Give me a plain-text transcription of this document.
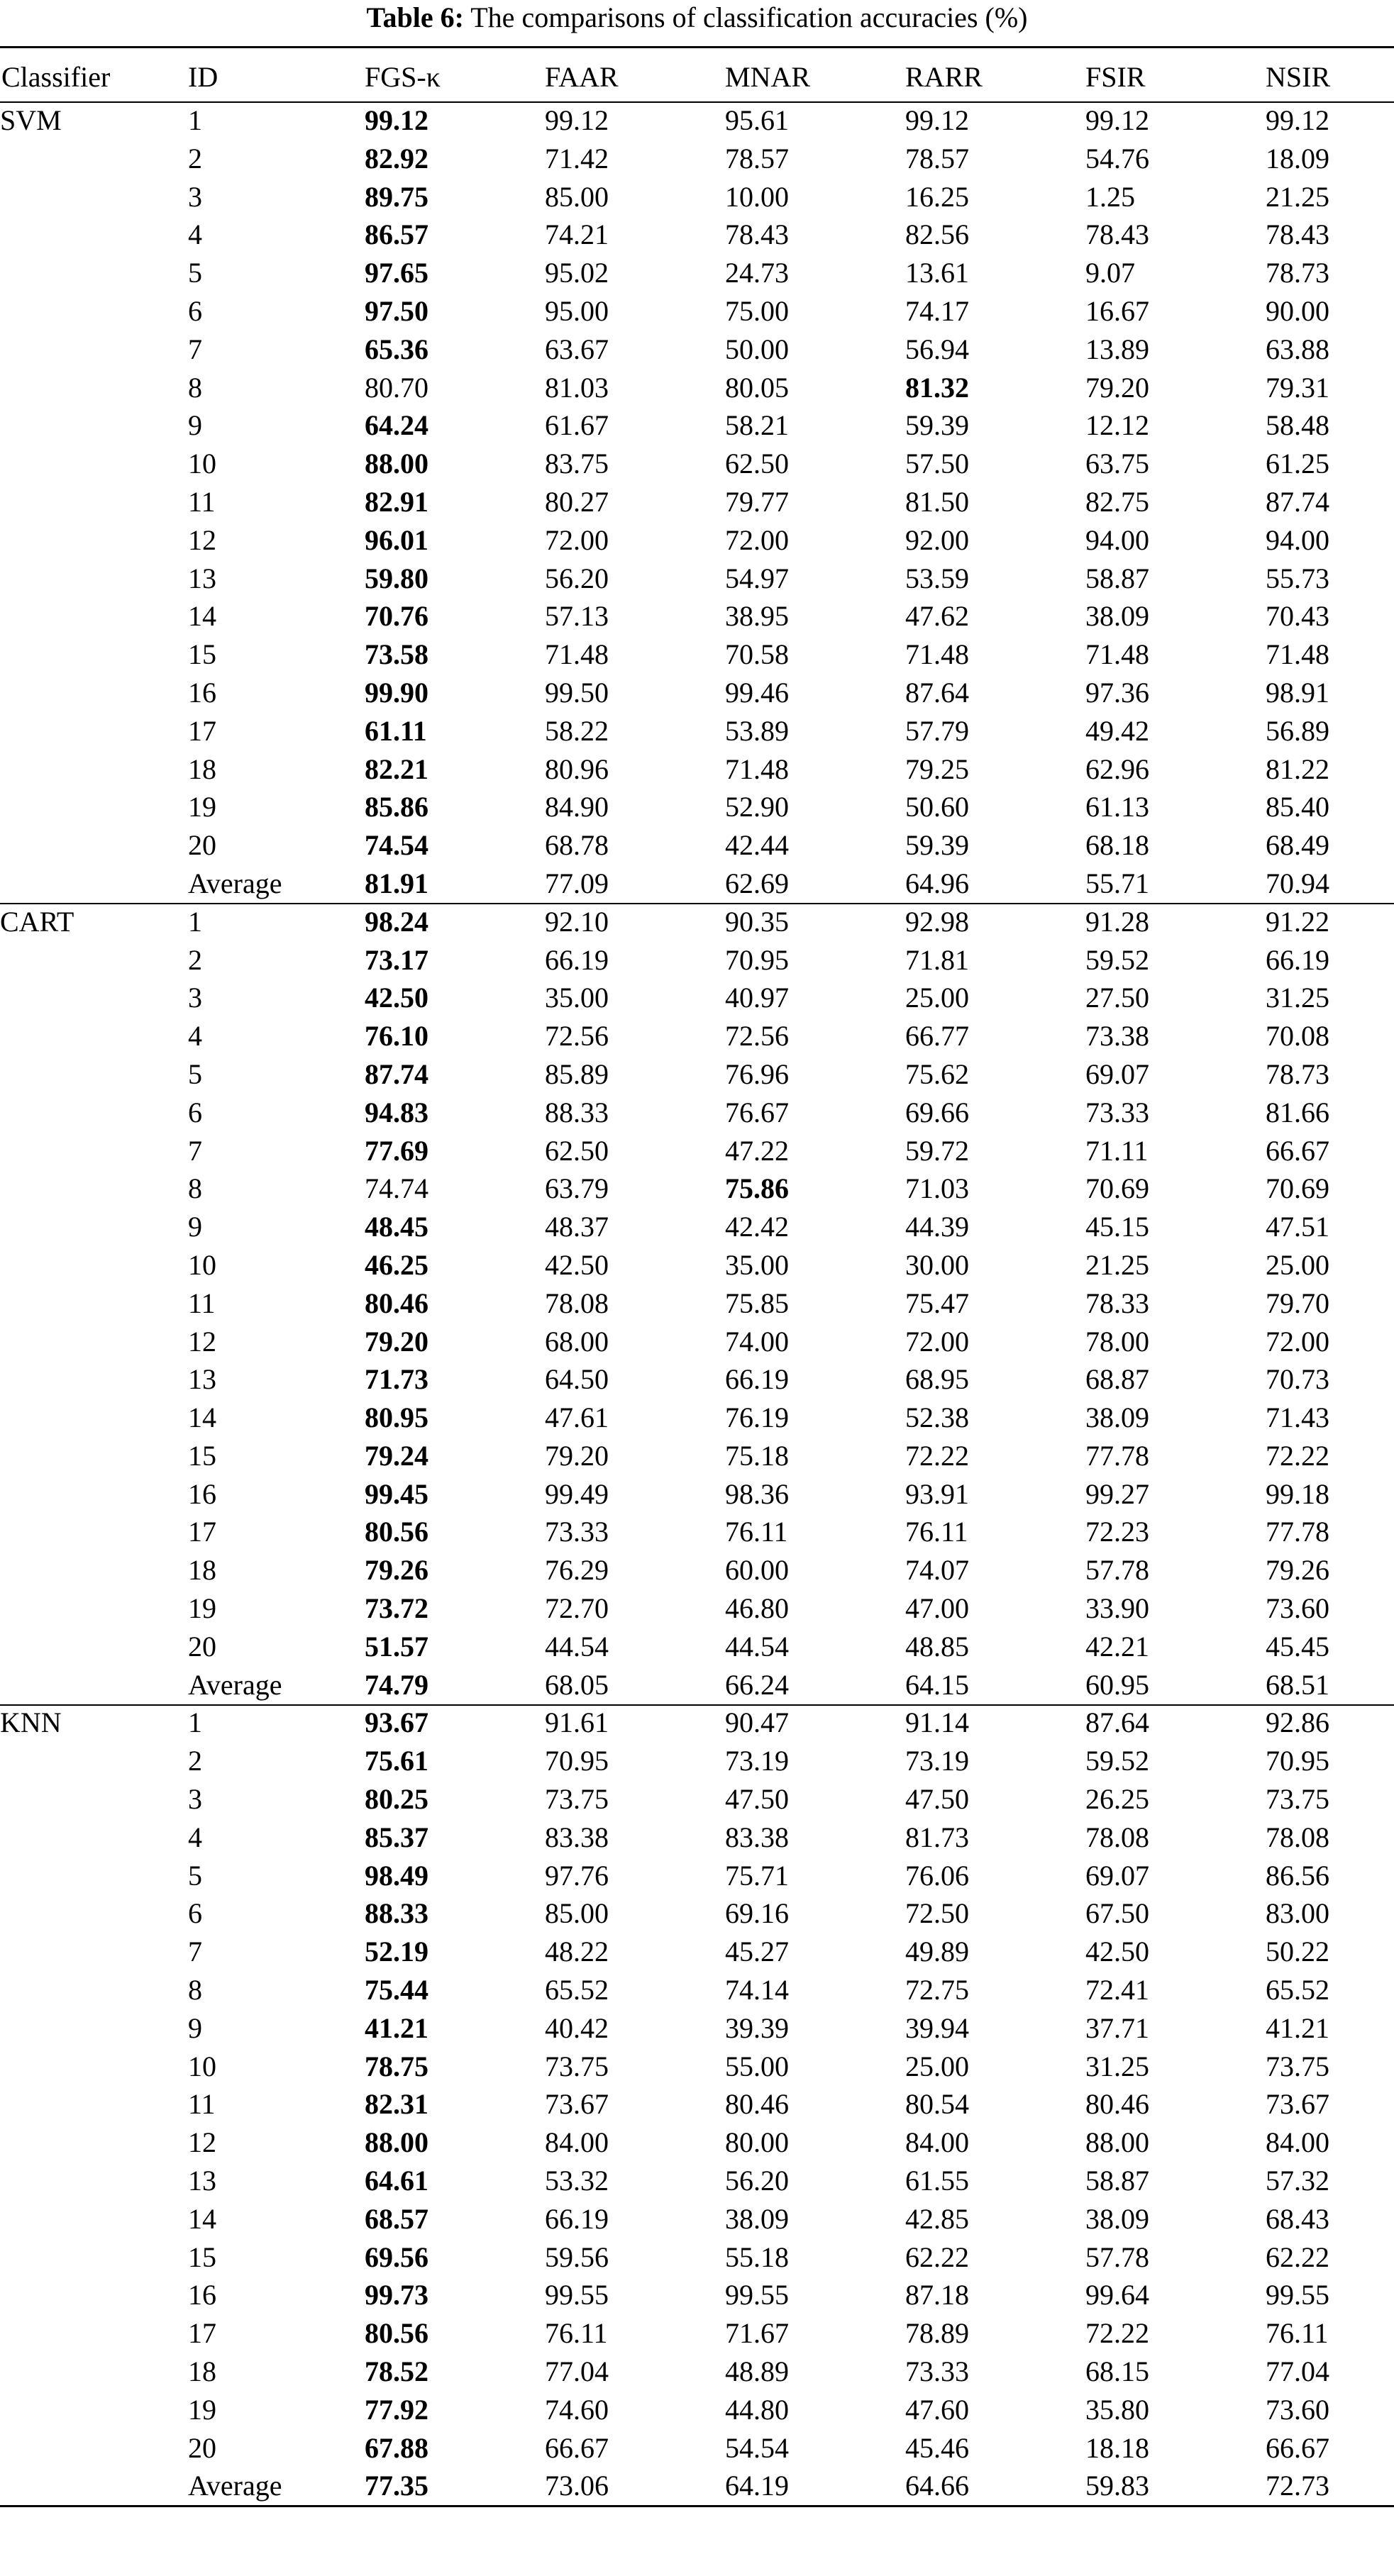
Table 6: The comparisons of classification accuracies (%)
Classifier	ID	FGS-κ	FAAR	MNAR	RARR	FSIR	NSIR
SVM	1	99.12	99.12	95.61	99.12	99.12	99.12
	2	82.92	71.42	78.57	78.57	54.76	18.09
	3	89.75	85.00	10.00	16.25	1.25	21.25
	4	86.57	74.21	78.43	82.56	78.43	78.43
	5	97.65	95.02	24.73	13.61	9.07	78.73
	6	97.50	95.00	75.00	74.17	16.67	90.00
	7	65.36	63.67	50.00	56.94	13.89	63.88
	8	80.70	81.03	80.05	81.32	79.20	79.31
	9	64.24	61.67	58.21	59.39	12.12	58.48
	10	88.00	83.75	62.50	57.50	63.75	61.25
	11	82.91	80.27	79.77	81.50	82.75	87.74
	12	96.01	72.00	72.00	92.00	94.00	94.00
	13	59.80	56.20	54.97	53.59	58.87	55.73
	14	70.76	57.13	38.95	47.62	38.09	70.43
	15	73.58	71.48	70.58	71.48	71.48	71.48
	16	99.90	99.50	99.46	87.64	97.36	98.91
	17	61.11	58.22	53.89	57.79	49.42	56.89
	18	82.21	80.96	71.48	79.25	62.96	81.22
	19	85.86	84.90	52.90	50.60	61.13	85.40
	20	74.54	68.78	42.44	59.39	68.18	68.49
	Average	81.91	77.09	62.69	64.96	55.71	70.94
CART	1	98.24	92.10	90.35	92.98	91.28	91.22
	2	73.17	66.19	70.95	71.81	59.52	66.19
	3	42.50	35.00	40.97	25.00	27.50	31.25
	4	76.10	72.56	72.56	66.77	73.38	70.08
	5	87.74	85.89	76.96	75.62	69.07	78.73
	6	94.83	88.33	76.67	69.66	73.33	81.66
	7	77.69	62.50	47.22	59.72	71.11	66.67
	8	74.74	63.79	75.86	71.03	70.69	70.69
	9	48.45	48.37	42.42	44.39	45.15	47.51
	10	46.25	42.50	35.00	30.00	21.25	25.00
	11	80.46	78.08	75.85	75.47	78.33	79.70
	12	79.20	68.00	74.00	72.00	78.00	72.00
	13	71.73	64.50	66.19	68.95	68.87	70.73
	14	80.95	47.61	76.19	52.38	38.09	71.43
	15	79.24	79.20	75.18	72.22	77.78	72.22
	16	99.45	99.49	98.36	93.91	99.27	99.18
	17	80.56	73.33	76.11	76.11	72.23	77.78
	18	79.26	76.29	60.00	74.07	57.78	79.26
	19	73.72	72.70	46.80	47.00	33.90	73.60
	20	51.57	44.54	44.54	48.85	42.21	45.45
	Average	74.79	68.05	66.24	64.15	60.95	68.51
KNN	1	93.67	91.61	90.47	91.14	87.64	92.86
	2	75.61	70.95	73.19	73.19	59.52	70.95
	3	80.25	73.75	47.50	47.50	26.25	73.75
	4	85.37	83.38	83.38	81.73	78.08	78.08
	5	98.49	97.76	75.71	76.06	69.07	86.56
	6	88.33	85.00	69.16	72.50	67.50	83.00
	7	52.19	48.22	45.27	49.89	42.50	50.22
	8	75.44	65.52	74.14	72.75	72.41	65.52
	9	41.21	40.42	39.39	39.94	37.71	41.21
	10	78.75	73.75	55.00	25.00	31.25	73.75
	11	82.31	73.67	80.46	80.54	80.46	73.67
	12	88.00	84.00	80.00	84.00	88.00	84.00
	13	64.61	53.32	56.20	61.55	58.87	57.32
	14	68.57	66.19	38.09	42.85	38.09	68.43
	15	69.56	59.56	55.18	62.22	57.78	62.22
	16	99.73	99.55	99.55	87.18	99.64	99.55
	17	80.56	76.11	71.67	78.89	72.22	76.11
	18	78.52	77.04	48.89	73.33	68.15	77.04
	19	77.92	74.60	44.80	47.60	35.80	73.60
	20	67.88	66.67	54.54	45.46	18.18	66.67
	Average	77.35	73.06	64.19	64.66	59.83	72.73
